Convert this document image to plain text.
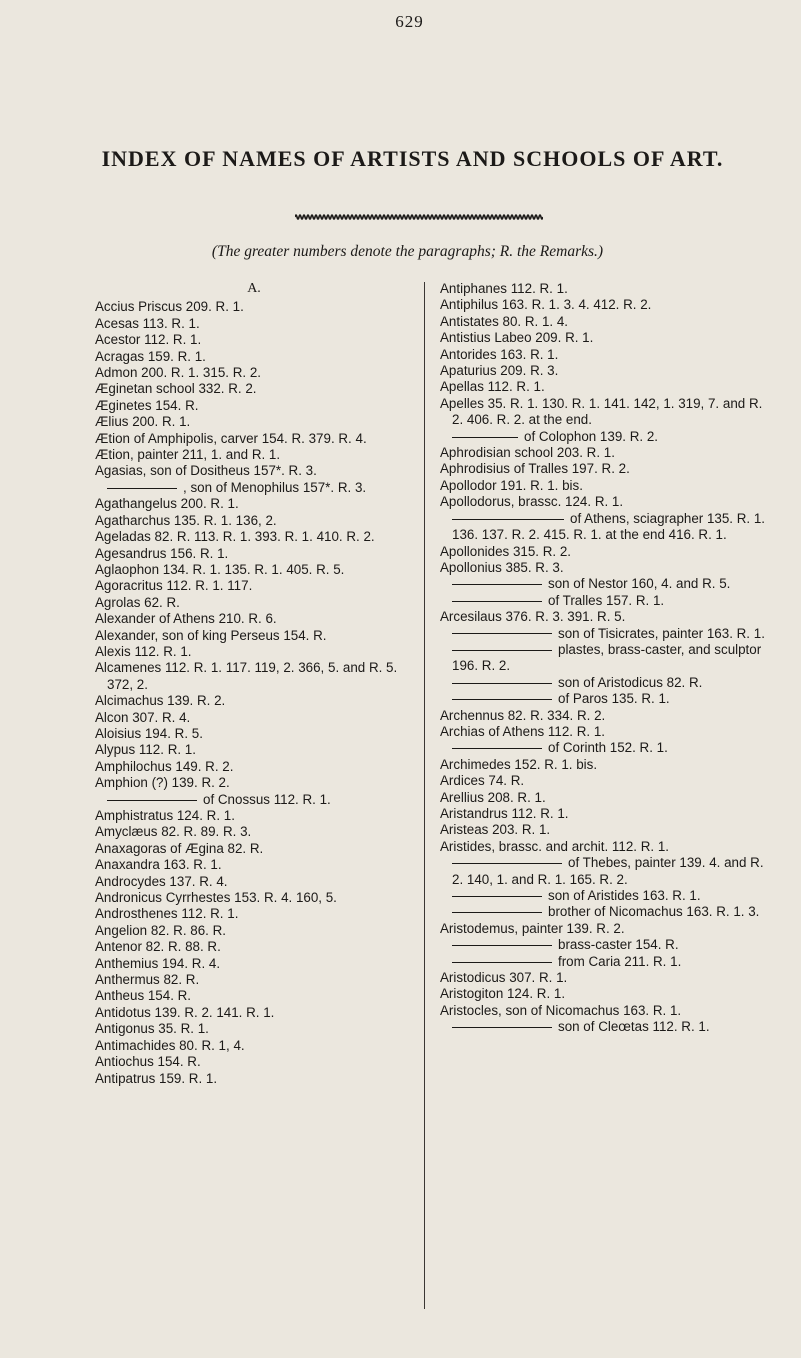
629
INDEX OF NAMES OF ARTISTS AND SCHOOLS OF ART.
(The greater numbers denote the paragraphs; R. the Remarks.)
A.
Accius Priscus 209. R. 1.
Acesas 113. R. 1.
Acestor 112. R. 1.
Acragas 159. R. 1.
Admon 200. R. 1. 315. R. 2.
Æginetan school 332. R. 2.
Æginetes 154. R.
Ælius 200. R. 1.
Ætion of Amphipolis, carver 154. R. 379. R. 4.
Ætion, painter 211, 1. and R. 1.
Agasias, son of Dositheus 157*. R. 3.
, son of Menophilus 157*. R. 3.
Agathangelus 200. R. 1.
Agatharchus 135. R. 1. 136, 2.
Ageladas 82. R. 113. R. 1. 393. R. 1. 410. R. 2.
Agesandrus 156. R. 1.
Aglaophon 134. R. 1. 135. R. 1. 405. R. 5.
Agoracritus 112. R. 1. 117.
Agrolas 62. R.
Alexander of Athens 210. R. 6.
Alexander, son of king Perseus 154. R.
Alexis 112. R. 1.
Alcamenes 112. R. 1. 117. 119, 2. 366, 5. and R. 5. 372, 2.
Alcimachus 139. R. 2.
Alcon 307. R. 4.
Aloisius 194. R. 5.
Alypus 112. R. 1.
Amphilochus 149. R. 2.
Amphion (?) 139. R. 2.
of Cnossus 112. R. 1.
Amphistratus 124. R. 1.
Amyclæus 82. R. 89. R. 3.
Anaxagoras of Ægina 82. R.
Anaxandra 163. R. 1.
Androcydes 137. R. 4.
Andronicus Cyrrhestes 153. R. 4. 160, 5.
Androsthenes 112. R. 1.
Angelion 82. R. 86. R.
Antenor 82. R. 88. R.
Anthemius 194. R. 4.
Anthermus 82. R.
Antheus 154. R.
Antidotus 139. R. 2. 141. R. 1.
Antigonus 35. R. 1.
Antimachides 80. R. 1, 4.
Antiochus 154. R.
Antipatrus 159. R. 1.
Antiphanes 112. R. 1.
Antiphilus 163. R. 1. 3. 4. 412. R. 2.
Antistates 80. R. 1. 4.
Antistius Labeo 209. R. 1.
Antorides 163. R. 1.
Apaturius 209. R. 3.
Apellas 112. R. 1.
Apelles 35. R. 1. 130. R. 1. 141. 142, 1. 319, 7. and R. 2. 406. R. 2. at the end.
of Colophon 139. R. 2.
Aphrodisian school 203. R. 1.
Aphrodisius of Tralles 197. R. 2.
Apollodor 191. R. 1. bis.
Apollodorus, brassc. 124. R. 1.
of Athens, sciagrapher 135. R. 1. 136. 137. R. 2. 415. R. 1. at the end 416. R. 1.
Apollonides 315. R. 2.
Apollonius 385. R. 3.
son of Nestor 160, 4. and R. 5.
of Tralles 157. R. 1.
Arcesilaus 376. R. 3. 391. R. 5.
son of Tisicrates, painter 163. R. 1.
plastes, brass-caster, and sculptor 196. R. 2.
son of Aristodicus 82. R.
of Paros 135. R. 1.
Archennus 82. R. 334. R. 2.
Archias of Athens 112. R. 1.
of Corinth 152. R. 1.
Archimedes 152. R. 1. bis.
Ardices 74. R.
Arellius 208. R. 1.
Aristandrus 112. R. 1.
Aristeas 203. R. 1.
Aristides, brassc. and archit. 112. R. 1.
of Thebes, painter 139. 4. and R. 2. 140, 1. and R. 1. 165. R. 2.
son of Aristides 163. R. 1.
brother of Nicomachus 163. R. 1. 3.
Aristodemus, painter 139. R. 2.
brass-caster 154. R.
from Caria 211. R. 1.
Aristodicus 307. R. 1.
Aristogiton 124. R. 1.
Aristocles, son of Nicomachus 163. R. 1.
son of Cleœtas 112. R. 1.
